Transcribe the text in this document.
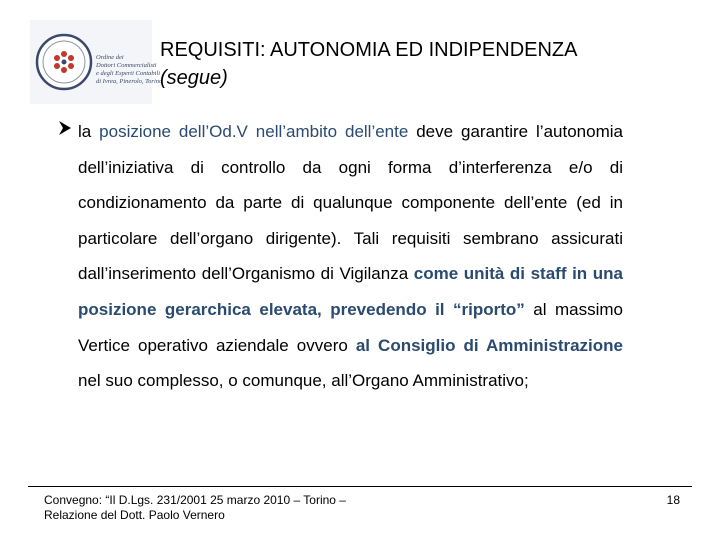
Ordine dei
Dottori Commercialisti
e degli Esperti Contabili
di Ivrea, Pinerolo, Torino
REQUISITI: AUTONOMIA ED INDIPENDENZA
(segue)

la posizione dell’Od.V nell’ambito dell’ente deve garantire l’autonomia dell’iniziativa di controllo da ogni forma d’interferenza e/o di condizionamento da parte di qualunque componente dell’ente (ed in particolare dell’organo dirigente). Tali requisiti sembrano assicurati dall’inserimento dell’Organismo di Vigilanza come unità di staff in una posizione gerarchica elevata, prevedendo il “riporto” al massimo Vertice operativo aziendale ovvero al Consiglio di Amministrazione nel suo complesso, o comunque, all’Organo Amministrativo;

Convegno: “Il D.Lgs. 231/2001 25 marzo 2010 – Torino –
Relazione del Dott. Paolo Vernero
18
